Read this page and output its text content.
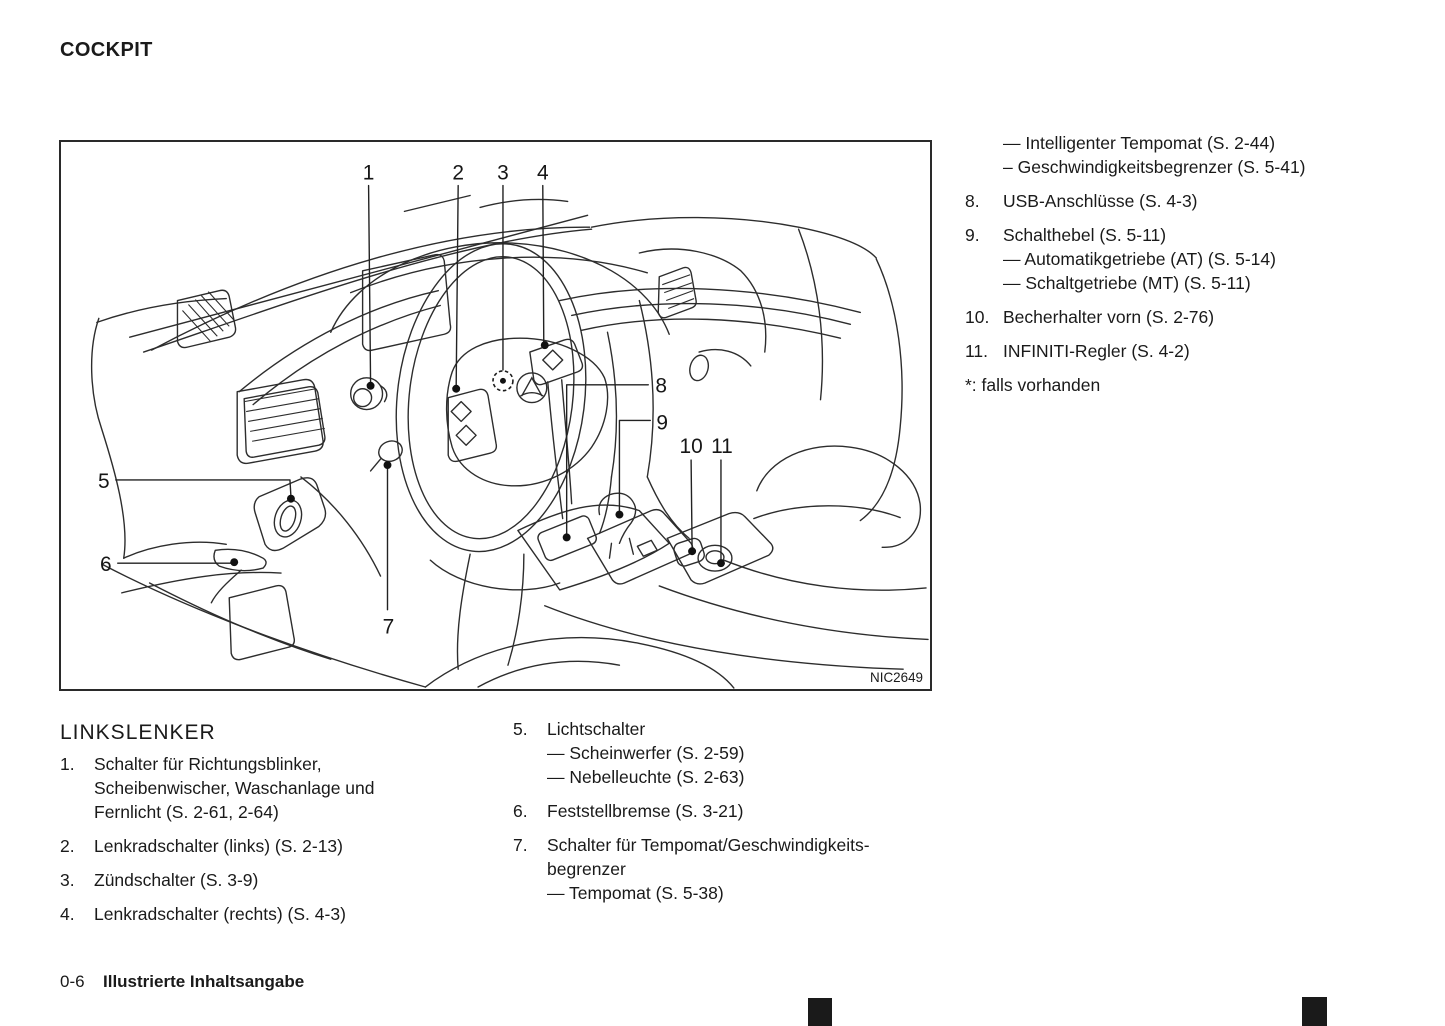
COCKPIT
1	2 3 4
5
6
7
8
9
10 11
NIC2649
LINKSLENKER
1.	Schalter für Richtungsblinker,
Scheibenwischer, Waschanlage und
Fernlicht (S. 2-61, 2-64)
2.	Lenkradschalter (links) (S. 2-13)
3.	Zündschalter (S. 3-9)
4.	Lenkradschalter (rechts) (S. 4-3)
5.	Lichtschalter
— Scheinwerfer (S. 2-59)
— Nebelleuchte (S. 2-63)
6.	Feststellbremse (S. 3-21)
7.	Schalter für Tempomat/Geschwindigkeits-
begrenzer
— Tempomat (S. 5-38)
— Intelligenter Tempomat (S. 2-44)
– Geschwindigkeitsbegrenzer (S. 5-41)
8.	USB-Anschlüsse (S. 4-3)
9.	Schalthebel (S. 5-11)
— Automatikgetriebe (AT) (S. 5-14)
— Schaltgetriebe (MT) (S. 5-11)
10. Becherhalter vorn (S. 2-76)
11. INFINITI-Regler (S. 4-2)
*: falls vorhanden
0-6	Illustrierte Inhaltsangabe
